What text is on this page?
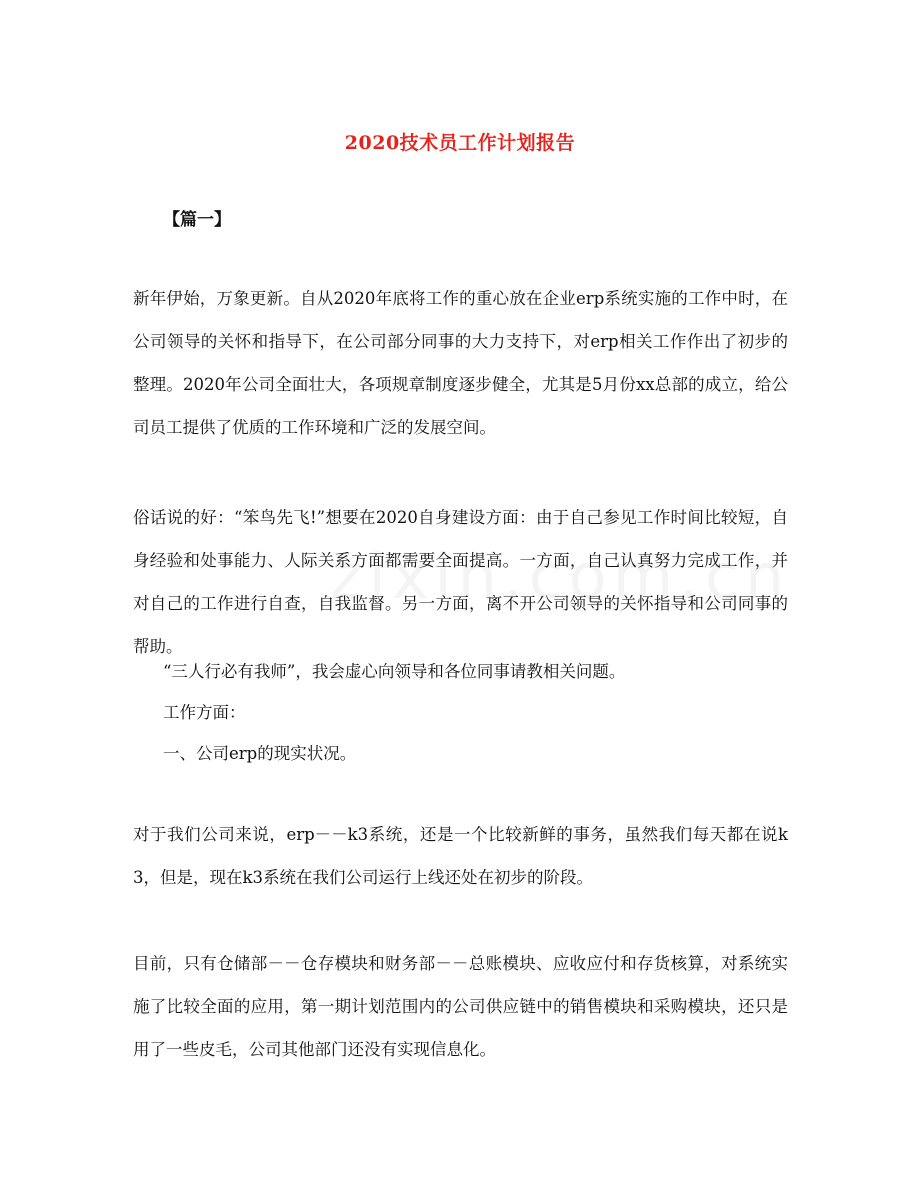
2020技术员工作计划报告
【篇一】

新年伊始，万象更新。自从2020年底将工作的重心放在企业erp系统实施的工作中时，在公司领导的关怀和指导下，在公司部分同事的大力支持下，对erp相关工作作出了初步的整理。2020年公司全面壮大，各项规章制度逐步健全，尤其是5月份xx总部的成立，给公司员工提供了优质的工作环境和广泛的发展空间。

俗话说的好：“笨鸟先飞!”想要在2020自身建设方面：由于自己参见工作时间比较短，自身经验和处事能力、人际关系方面都需要全面提高。一方面，自己认真努力完成工作，并对自己的工作进行自查，自我监督。另一方面，离不开公司领导的关怀指导和公司同事的帮助。

“三人行必有我师”，我会虚心向领导和各位同事请教相关问题。

工作方面：

一、公司erp的现实状况。

对于我们公司来说，erp－－k3系统，还是一个比较新鲜的事务，虽然我们每天都在说k3，但是，现在k3系统在我们公司运行上线还处在初步的阶段。

目前，只有仓储部－－仓存模块和财务部－－总账模块、应收应付和存货核算，对系统实施了比较全面的应用，第一期计划范围内的公司供应链中的销售模块和采购模块，还只是用了一些皮毛，公司其他部门还没有实现信息化。
